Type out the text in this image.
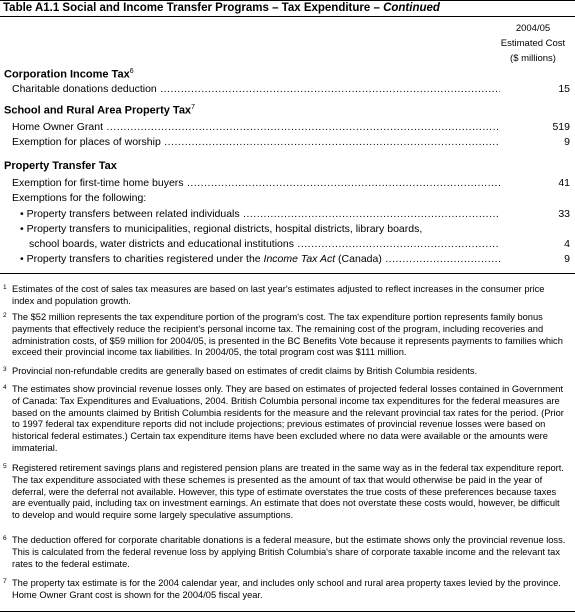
Table A1.1 Social and Income Transfer Programs – Tax Expenditure – Continued
2004/05
Estimated Cost
($ millions)
Corporation Income Tax$^6$
Charitable donations deduction .....	15
School and Rural Area Property Tax$^7$
Home Owner Grant .....	519
Exemption for places of worship .....	9
Property Transfer Tax
Exemption for first-time home buyers .....	41
Exemptions for the following:
• Property transfers between related individuals .....	33
• Property transfers to municipalities, regional districts, hospital districts, library boards,
school boards, water districts and educational institutions .....	4
• Property transfers to charities registered under the Income Tax Act (Canada) .....	9
1 Estimates of the cost of sales tax measures are based on last year's estimates adjusted to reflect increases in the consumer price index and population growth.
2 The $52 million represents the tax expenditure portion of the program's cost. The tax expenditure portion represents family bonus payments that effectively reduce the recipient's personal income tax. The remaining cost of the program, including recoveries and administration costs, of $59 million for 2004/05, is presented in the BC Benefits Vote because it represents payments to families which exceed their provincial income tax liabilities. In 2004/05, the total program cost was $111 million.
3 Provincial non-refundable credits are generally based on estimates of credit claims by British Columbia residents.
4 The estimates show provincial revenue losses only. They are based on estimates of projected federal losses contained in Government of Canada: Tax Expenditures and Evaluations, 2004. British Columbia personal income tax expenditures for the federal measures are based on the amounts claimed by British Columbia residents for the measure and the relevant provincial tax rates for the period. (Prior to 1997 federal tax expenditure reports did not include projections; previous estimates of provincial revenue losses were based on historical federal estimates.) Certain tax expenditure items have been excluded where no data were available or the amounts were immaterial.
5 Registered retirement savings plans and registered pension plans are treated in the same way as in the federal tax expenditure report. The tax expenditure associated with these schemes is presented as the amount of tax that would otherwise be paid in the year of deferral, were the deferral not available. However, this type of estimate overstates the true costs of these preferences because taxes are eventually paid, including tax on investment earnings. An estimate that does not overstate these costs would, however, be difficult to develop and would require some largely speculative assumptions.
6 The deduction offered for corporate charitable donations is a federal measure, but the estimate shows only the provincial revenue loss. This is calculated from the federal revenue loss by applying British Columbia's share of corporate taxable income and the relevant tax rates to the federal estimate.
7 The property tax estimate is for the 2004 calendar year, and includes only school and rural area property taxes levied by the province. Home Owner Grant cost is shown for the 2004/05 fiscal year.
